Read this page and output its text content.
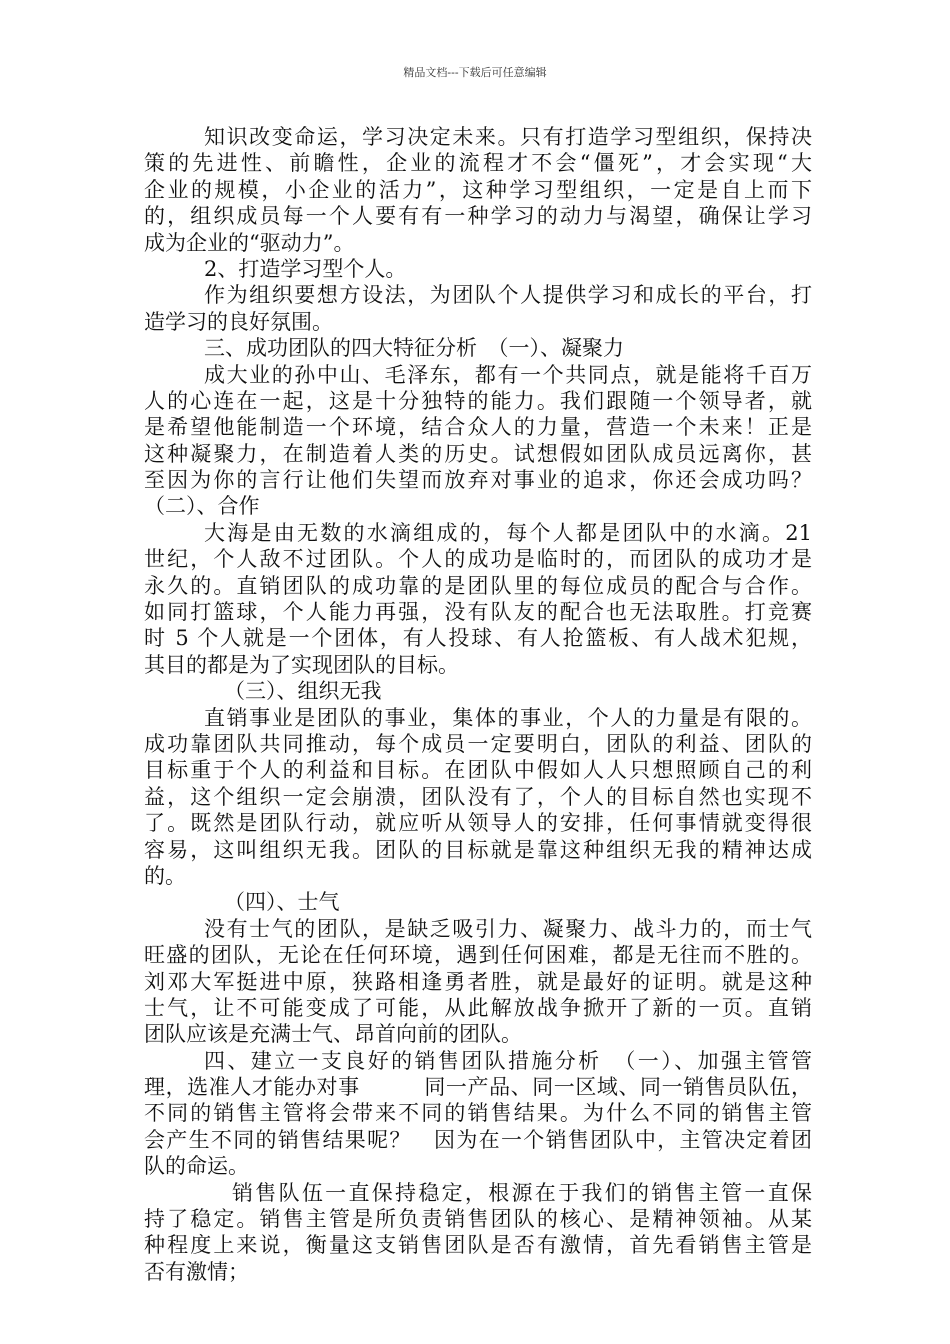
精品文档---下载后可任意编辑
知识改变命运，学习决定未来。只有打造学习型组织，保持决
策的先进性、前瞻性，企业的流程才不会“僵死”，才会实现“大
企业的规模，小企业的活力”，这种学习型组织，一定是自上而下
的，组织成员每一个人要有有一种学习的动力与渴望，确保让学习
成为企业的“驱动力”。
2、打造学习型个人。
作为组织要想方设法，为团队个人提供学习和成长的平台，打
造学习的良好氛围。
三、成功团队的四大特征分析　（一）、凝聚力
成大业的孙中山、毛泽东，都有一个共同点，就是能将千百万
人的心连在一起，这是十分独特的能力。我们跟随一个领导者，就
是希望他能制造一个环境，结合众人的力量，营造一个未来！正是
这种凝聚力，在制造着人类的历史。试想假如团队成员远离你，甚
至因为你的言行让他们失望而放弃对事业的追求，你还会成功吗？
（二）、合作
大海是由无数的水滴组成的，每个人都是团队中的水滴。21
世纪，个人敌不过团队。个人的成功是临时的，而团队的成功才是
永久的。直销团队的成功靠的是团队里的每位成员的配合与合作。
如同打篮球，个人能力再强，没有队友的配合也无法取胜。打竞赛
时 5 个人就是一个团体，有人投球、有人抢篮板、有人战术犯规，
其目的都是为了实现团队的目标。
（三）、组织无我
直销事业是团队的事业，集体的事业，个人的力量是有限的。
成功靠团队共同推动，每个成员一定要明白，团队的利益、团队的
目标重于个人的利益和目标。在团队中假如人人只想照顾自己的利
益，这个组织一定会崩溃，团队没有了，个人的目标自然也实现不
了。既然是团队行动，就应听从领导人的安排，任何事情就变得很
容易，这叫组织无我。团队的目标就是靠这种组织无我的精神达成
的。
（四）、士气
没有士气的团队，是缺乏吸引力、凝聚力、战斗力的，而士气
旺盛的团队，无论在任何环境，遇到任何困难，都是无往而不胜的。
刘邓大军挺进中原，狭路相逢勇者胜，就是最好的证明。就是这种
士气，让不可能变成了可能，从此解放战争掀开了新的一页。直销
团队应该是充满士气、昂首向前的团队。
四、建立一支良好的销售团队措施分析　（一）、加强主管管
理，选准人才能办对事　　　同一产品、同一区域、同一销售员队伍，
不同的销售主管将会带来不同的销售结果。为什么不同的销售主管
会产生不同的销售结果呢？　因为在一个销售团队中，主管决定着团
队的命运。
销售队伍一直保持稳定，根源在于我们的销售主管一直保
持了稳定。销售主管是所负责销售团队的核心、是精神领袖。从某
种程度上来说，衡量这支销售团队是否有激情，首先看销售主管是
否有激情；
